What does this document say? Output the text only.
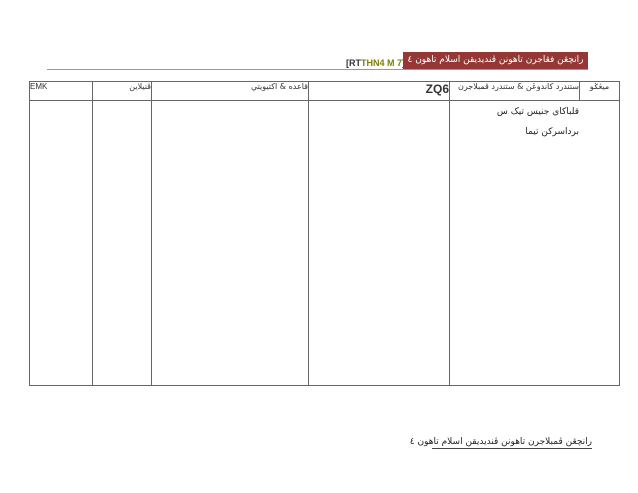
[RTTHN4 M 7 رانچڠن فڠاجرن تاهونن ڤنديديقن اسلام تاهون ٤
EMK	ڤنيلاين	قاعده & اکتيويتي	ZQ6	ستندرد کاندوڠن & ستندرد ڤمبلاجرن	ميڠݢو

				قلباکاي جنيس تيک س
برداسرکن تيما	
رانچڠن ڤمبلاجرن تاهونن ڤنديديقن اسلام تاهون ٤
